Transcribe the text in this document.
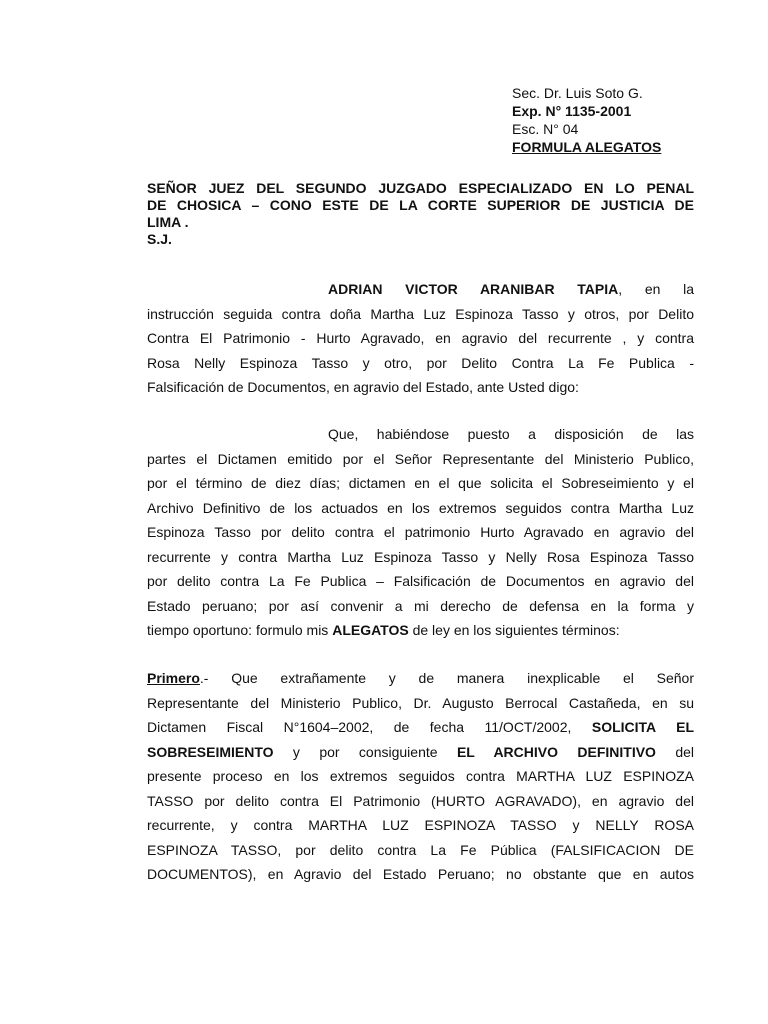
Sec. Dr. Luis Soto G.
Exp. N° 1135-2001
Esc. N° 04
FORMULA ALEGATOS
SEÑOR JUEZ DEL SEGUNDO JUZGADO ESPECIALIZADO EN LO PENAL
DE CHOSICA – CONO ESTE DE LA CORTE SUPERIOR DE JUSTICIA DE
LIMA .
S.J.
ADRIAN VICTOR ARANIBAR TAPIA, en la
instrucción seguida contra doña Martha Luz Espinoza Tasso y otros, por Delito
Contra El Patrimonio - Hurto Agravado, en agravio del recurrente , y contra
Rosa Nelly Espinoza Tasso y otro, por Delito Contra La Fe Publica -
Falsificación de Documentos, en agravio del Estado, ante Usted digo:
Que, habiéndose puesto a disposición de las
partes el Dictamen emitido por el Señor Representante del Ministerio Publico,
por el término de diez días; dictamen en el que solicita el Sobreseimiento y el
Archivo Definitivo de los actuados en los extremos seguidos contra Martha Luz
Espinoza Tasso por delito contra el patrimonio Hurto Agravado en agravio del
recurrente y contra Martha Luz Espinoza Tasso y Nelly Rosa Espinoza Tasso
por delito contra La Fe Publica – Falsificación de Documentos en agravio del
Estado peruano; por así convenir a mi derecho de defensa en la forma y
tiempo oportuno: formulo mis ALEGATOS de ley en los siguientes términos:
Primero.- Que extrañamente y de manera inexplicable el Señor
Representante del Ministerio Publico, Dr. Augusto Berrocal Castañeda, en su
Dictamen Fiscal N°1604–2002, de fecha 11/OCT/2002, SOLICITA EL
SOBRESEIMIENTO y por consiguiente EL ARCHIVO DEFINITIVO del
presente proceso en los extremos seguidos contra MARTHA LUZ ESPINOZA
TASSO por delito contra El Patrimonio (HURTO AGRAVADO), en agravio del
recurrente, y contra MARTHA LUZ ESPINOZA TASSO y NELLY ROSA
ESPINOZA TASSO, por delito contra La Fe Pública (FALSIFICACION DE
DOCUMENTOS), en Agravio del Estado Peruano; no obstante que en autos
